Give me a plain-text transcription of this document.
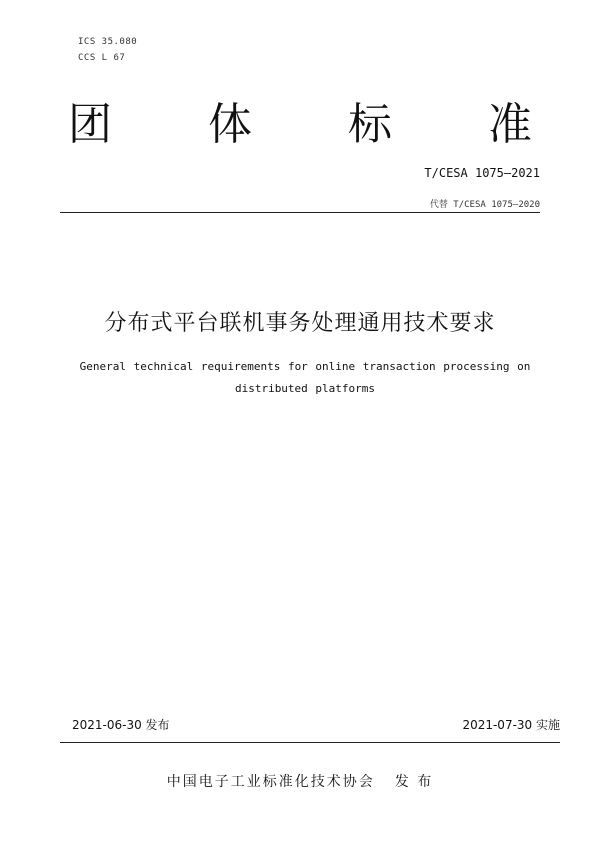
ICS 35.080
CCS L 67
团 体 标 准
T/CESA 1075—2021
代替 T/CESA 1075—2020
分布式平台联机事务处理通用技术要求
General technical requirements for online transaction processing on
distributed platforms
2021-06-30 发布	2021-07-30 实施
中国电子工业标准化技术协会 发 布
